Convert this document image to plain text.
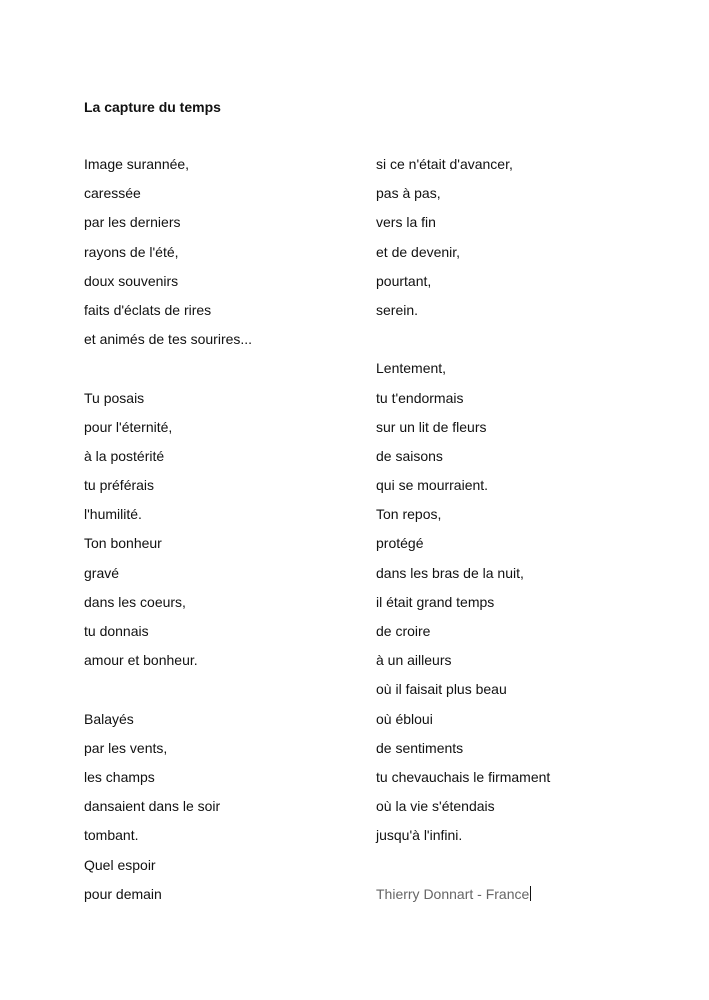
La capture du temps
Image surannée,
caressée
par les derniers
rayons de l'été,
doux souvenirs
faits d'éclats de rires
et animés de tes sourires...
Tu posais
pour l'éternité,
à la postérité
tu préférais
l'humilité.
Ton bonheur
gravé
dans les coeurs,
tu donnais
amour et bonheur.
Balayés
par les vents,
les champs
dansaient dans le soir
tombant.
Quel espoir
pour demain
si ce n'était d'avancer,
pas à pas,
vers la fin
et de devenir,
pourtant,
serein.
Lentement,
tu t'endormais
sur un lit de fleurs
de saisons
qui se mourraient.
Ton repos,
protégé
dans les bras de la nuit,
il était grand temps
de croire
à un ailleurs
où il faisait plus beau
où ébloui
de sentiments
tu chevauchais le firmament
où la vie s'étendais
jusqu'à l'infini.
Thierry Donnart - France
